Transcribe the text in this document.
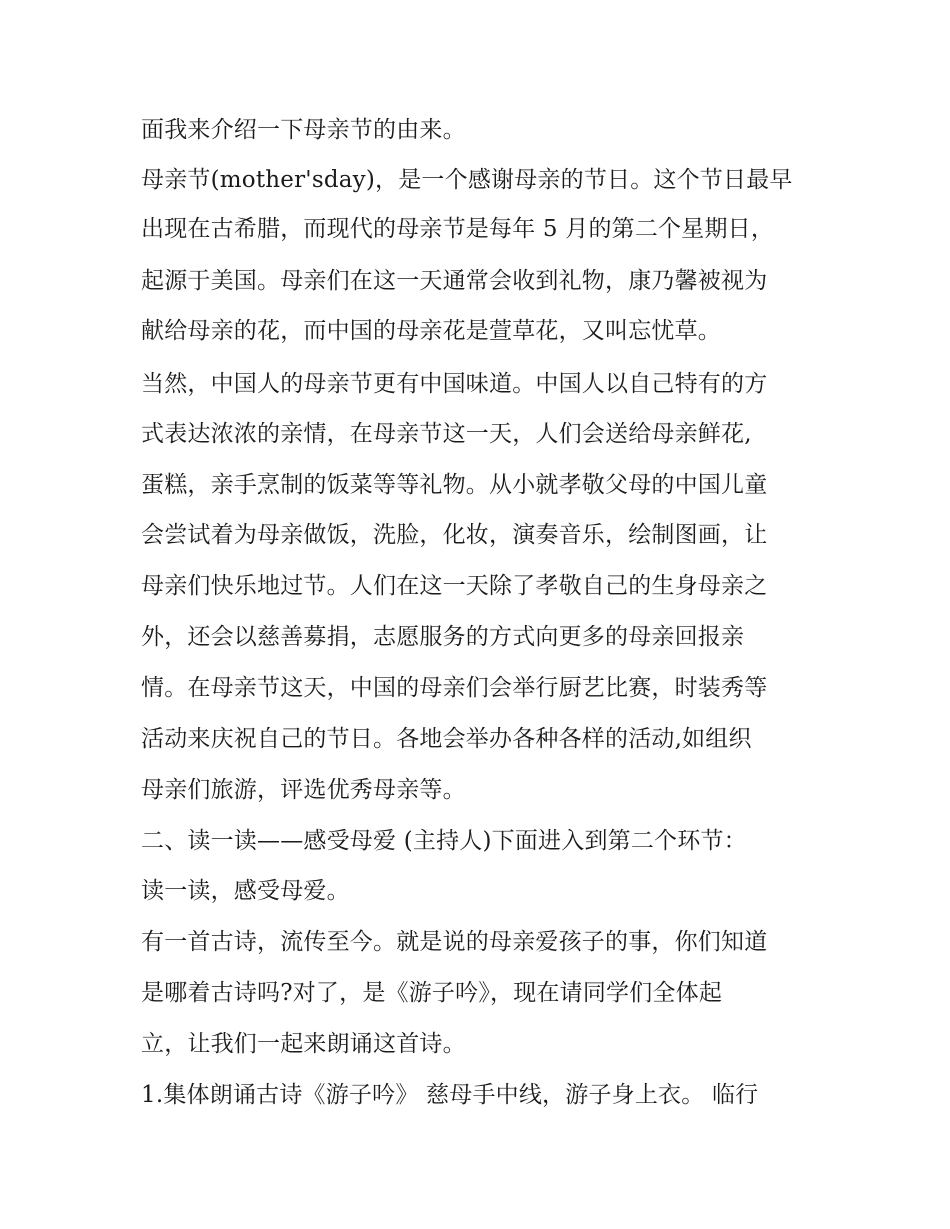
面我来介绍一下母亲节的由来。
母亲节(mother'sday)，是一个感谢母亲的节日。这个节日最早
出现在古希腊，而现代的母亲节是每年 5 月的第二个星期日，
起源于美国。母亲们在这一天通常会收到礼物，康乃馨被视为
献给母亲的花，而中国的母亲花是萱草花，又叫忘忧草。
当然，中国人的母亲节更有中国味道。中国人以自己特有的方
式表达浓浓的亲情，在母亲节这一天，人们会送给母亲鲜花,
蛋糕，亲手烹制的饭菜等等礼物。从小就孝敬父母的中国儿童
会尝试着为母亲做饭，洗脸，化妆，演奏音乐，绘制图画，让
母亲们快乐地过节。人们在这一天除了孝敬自己的生身母亲之
外，还会以慈善募捐，志愿服务的方式向更多的母亲回报亲
情。在母亲节这天，中国的母亲们会举行厨艺比赛，时装秀等
活动来庆祝自己的节日。各地会举办各种各样的活动,如组织
母亲们旅游，评选优秀母亲等。
二、读一读——感受母爱 (主持人)下面进入到第二个环节：
读一读，感受母爱。
有一首古诗，流传至今。就是说的母亲爱孩子的事，你们知道
是哪着古诗吗?对了，是《游子吟》，现在请同学们全体起
立，让我们一起来朗诵这首诗。
1.集体朗诵古诗《游子吟》 慈母手中线，游子身上衣。 临行
